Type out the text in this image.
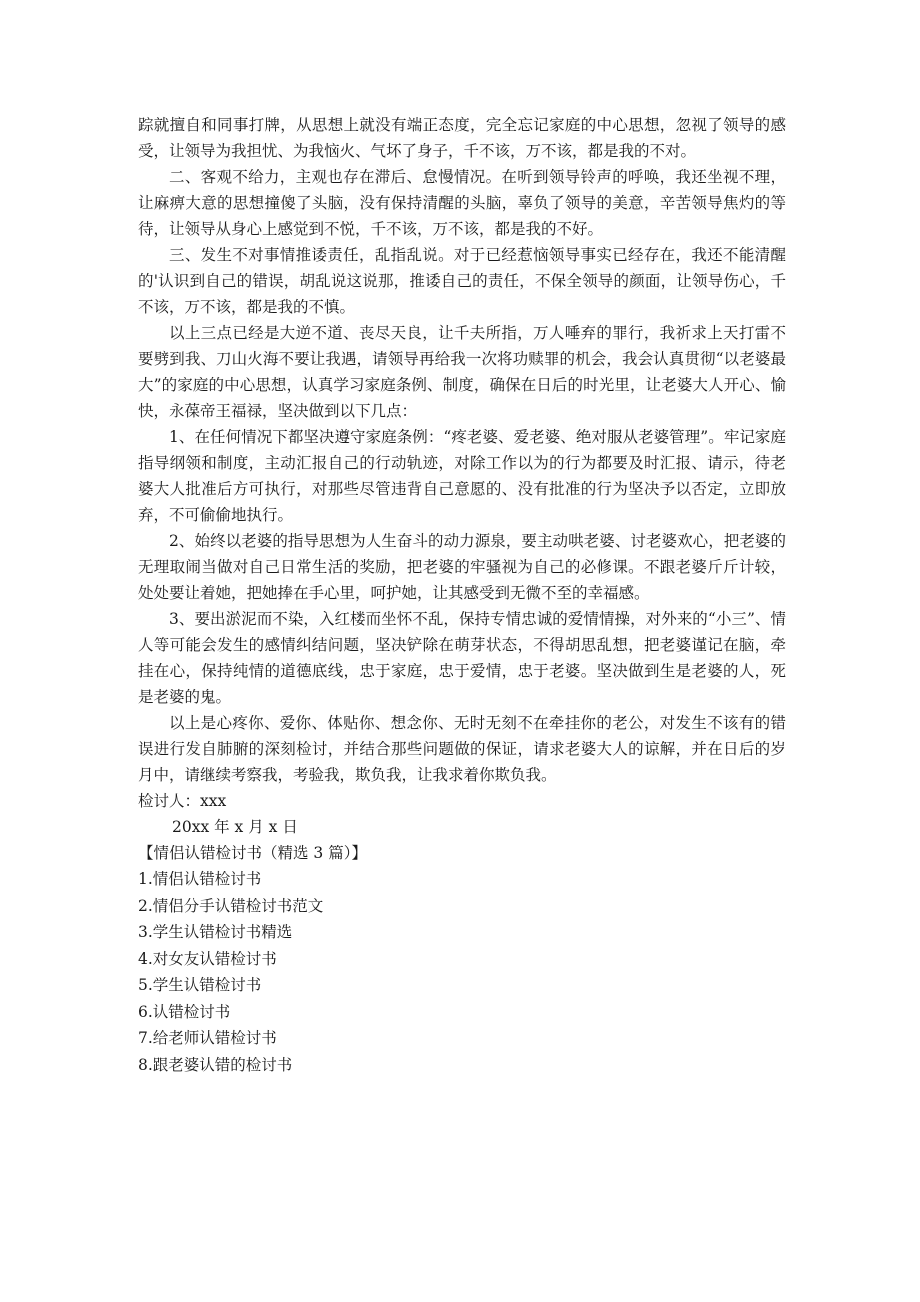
踪就擅自和同事打牌，从思想上就没有端正态度，完全忘记家庭的中心思想，忽视了领导的感受，让领导为我担忧、为我恼火、气坏了身子，千不该，万不该，都是我的不对。

二、客观不给力，主观也存在滞后、怠慢情况。在听到领导铃声的呼唤，我还坐视不理，让麻痹大意的思想撞傻了头脑，没有保持清醒的头脑，辜负了领导的美意，辛苦领导焦灼的等待，让领导从身心上感觉到不悦，千不该，万不该，都是我的不好。

三、发生不对事情推诿责任，乱指乱说。对于已经惹恼领导事实已经存在，我还不能清醒的'认识到自己的错误，胡乱说这说那，推诿自己的责任，不保全领导的颜面，让领导伤心，千不该，万不该，都是我的不慎。

以上三点已经是大逆不道、丧尽天良，让千夫所指，万人唾弃的罪行，我祈求上天打雷不要劈到我、刀山火海不要让我遇，请领导再给我一次将功赎罪的机会，我会认真贯彻“以老婆最大”的家庭的中心思想，认真学习家庭条例、制度，确保在日后的时光里，让老婆大人开心、愉快，永葆帝王福禄，坚决做到以下几点：

1、在任何情况下都坚决遵守家庭条例：“疼老婆、爱老婆、绝对服从老婆管理”。牢记家庭指导纲领和制度，主动汇报自己的行动轨迹，对除工作以为的行为都要及时汇报、请示，待老婆大人批准后方可执行，对那些尽管违背自己意愿的、没有批准的行为坚决予以否定，立即放弃，不可偷偷地执行。

2、始终以老婆的指导思想为人生奋斗的动力源泉，要主动哄老婆、讨老婆欢心，把老婆的无理取闹当做对自己日常生活的奖励，把老婆的牢骚视为自己的必修课。不跟老婆斤斤计较，处处要让着她，把她捧在手心里，呵护她，让其感受到无微不至的幸福感。

3、要出淤泥而不染，入红楼而坐怀不乱，保持专情忠诚的爱情情操，对外来的“小三”、情人等可能会发生的感情纠结问题，坚决铲除在萌芽状态，不得胡思乱想，把老婆谨记在脑，牵挂在心，保持纯情的道德底线，忠于家庭，忠于爱情，忠于老婆。坚决做到生是老婆的人，死是老婆的鬼。

以上是心疼你、爱你、体贴你、想念你、无时无刻不在牵挂你的老公，对发生不该有的错误进行发自肺腑的深刻检讨，并结合那些问题做的保证，请求老婆大人的谅解，并在日后的岁月中，请继续考察我，考验我，欺负我，让我求着你欺负我。

检讨人：xxx

20xx 年 x 月 x 日

【情侣认错检讨书（精选 3 篇）】

1.情侣认错检讨书
2.情侣分手认错检讨书范文
3.学生认错检讨书精选
4.对女友认错检讨书
5.学生认错检讨书
6.认错检讨书
7.给老师认错检讨书
8.跟老婆认错的检讨书
